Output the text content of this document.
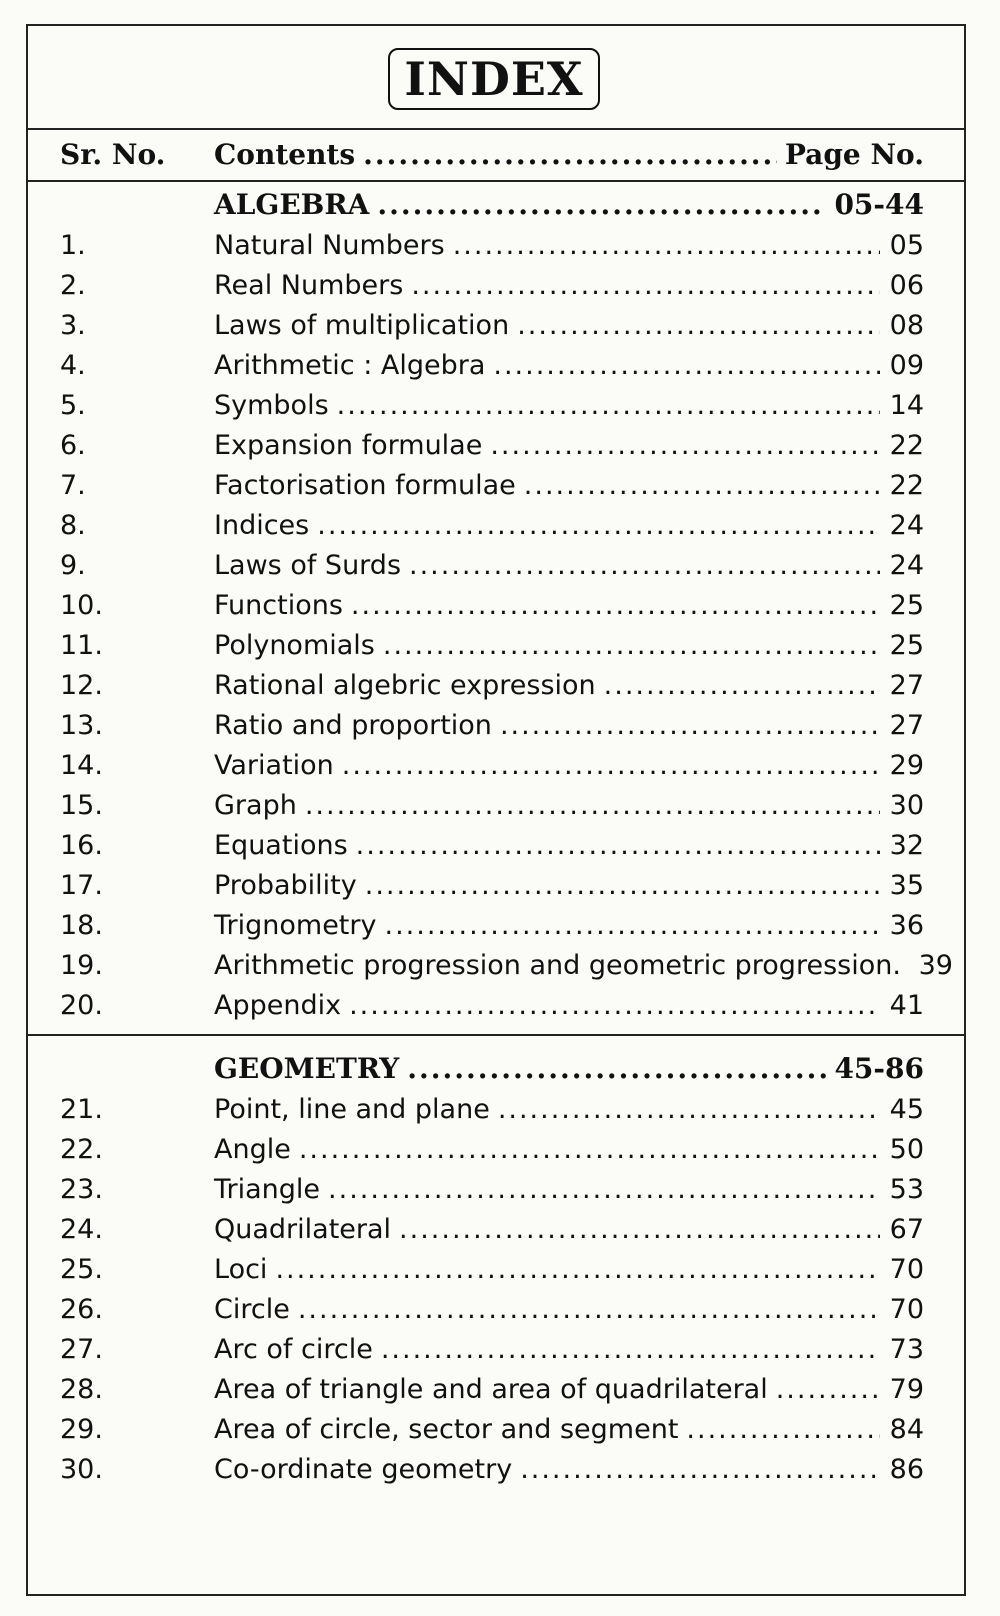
INDEX
Sr. No. Contents .....	Page No.
ALGEBRA .....	05-44
1.	Natural Numbers .....	05
2.	Real Numbers .....	06
3.	Laws of multiplication .....	08
4.	Arithmetic : Algebra .....	09
5.	Symbols .....	14
6.	Expansion formulae .....	22
7.	Factorisation formulae .....	22
8.	Indices .....	24
9.	Laws of Surds .....	24
10.	Functions .....	25
11.	Polynomials .....	25
12.	Rational algebric expression .....	27
13.	Ratio and proportion .....	27
14.	Variation .....	29
15.	Graph .....	30
16.	Equations .....	32
17.	Probability .....	35
18.	Trignometry .....	36
19.	Arithmetic progression and geometric progression. 39
20.	Appendix .....	41
GEOMETRY .....	45-86
21.	Point, line and plane .....	45
22.	Angle .....	50
23.	Triangle .....	53
24.	Quadrilateral .....	67
25.	Loci .....	70
26.	Circle .....	70
27.	Arc of circle .....	73
28.	Area of triangle and area of quadrilateral .....	79
29.	Area of circle, sector and segment .....	84
30.	Co-ordinate geometry .....	86
